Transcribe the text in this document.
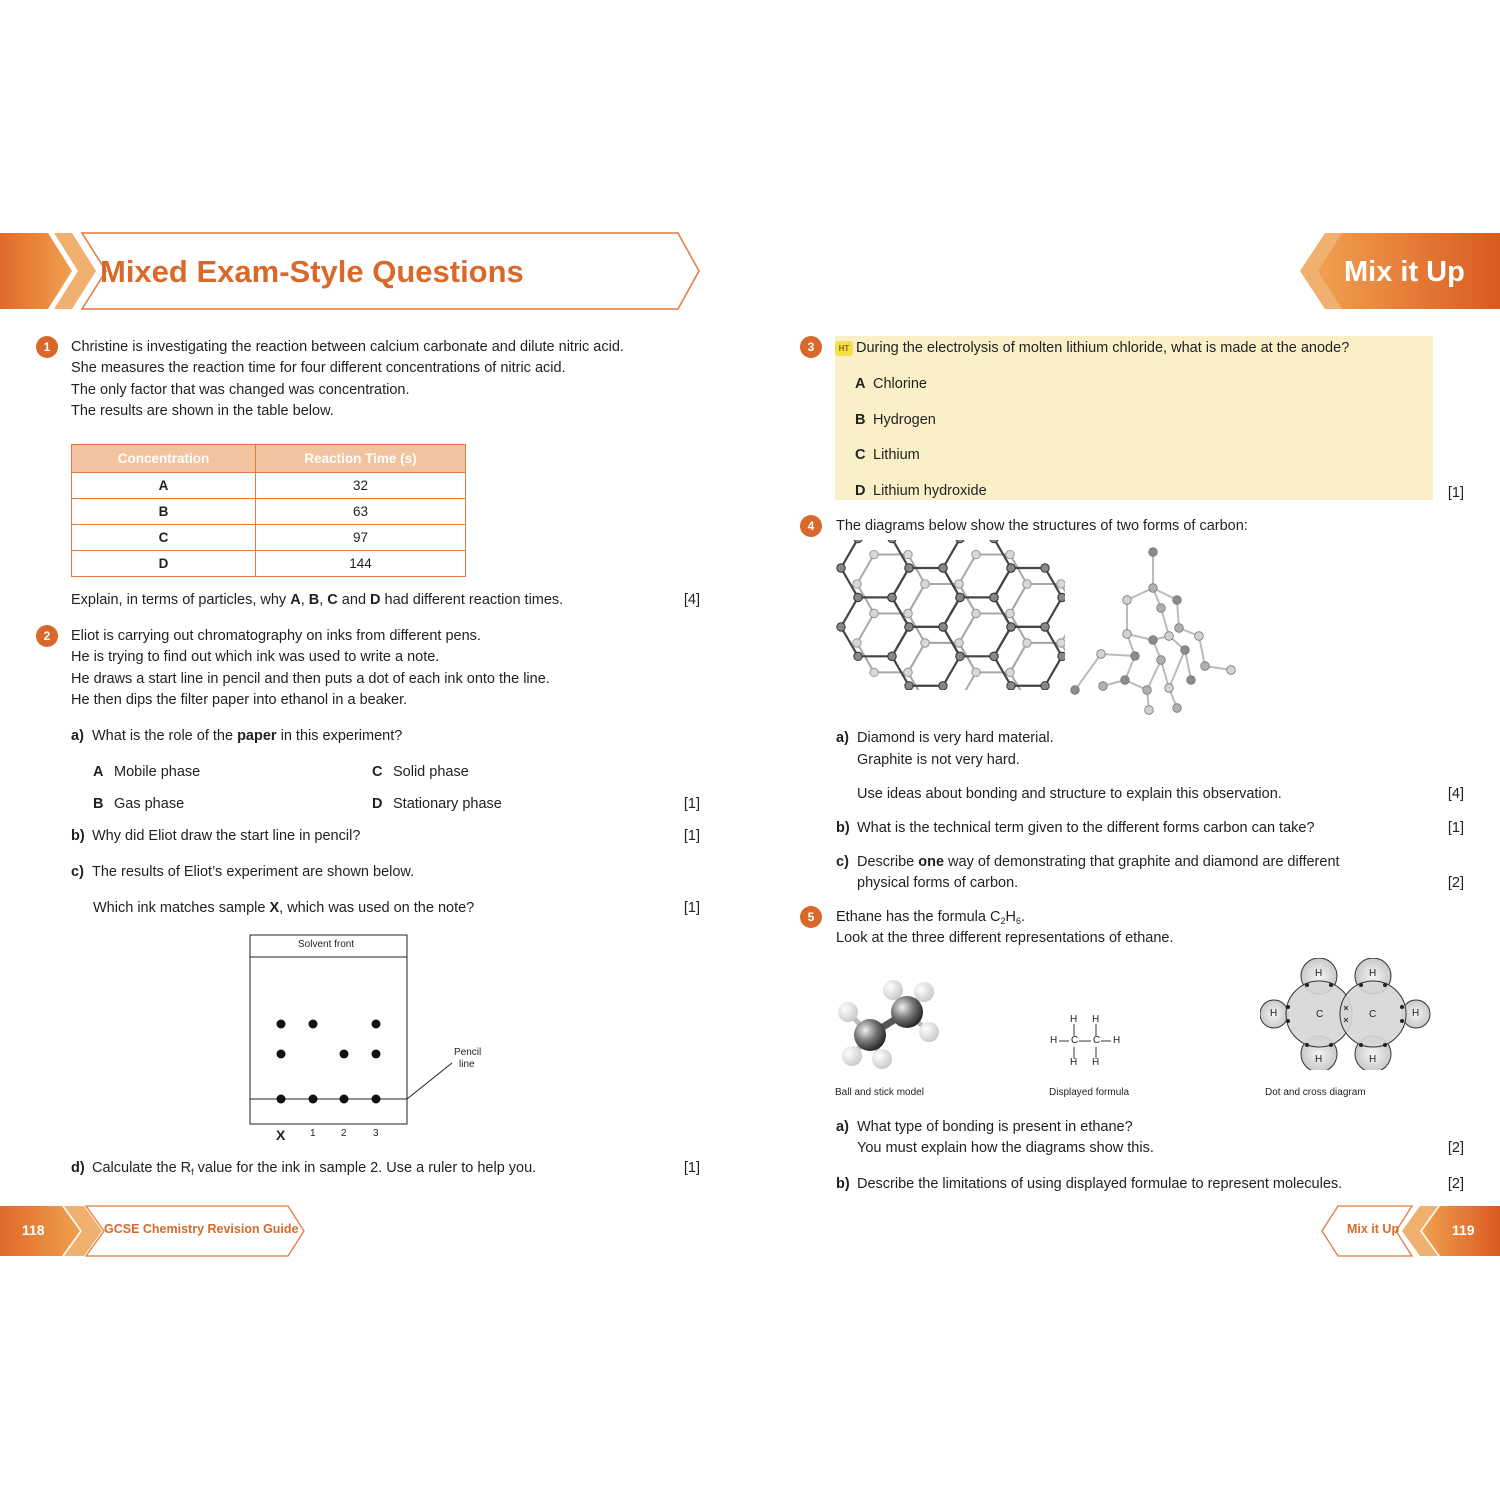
Mixed Exam-Style Questions	Mix it Up
1	Christine is investigating the reaction between calcium carbonate and dilute nitric acid.
She measures the reaction time for four different concentrations of nitric acid.
The only factor that was changed was concentration.
The results are shown in the table below.
Concentration	Reaction Time (s)
A	32
B	63
C	97
D	144
Explain, in terms of particles, why A, B, C and D had different reaction times.	[4]
2	Eliot is carrying out chromatography on inks from different pens.
He is trying to find out which ink was used to write a note.
He draws a start line in pencil and then puts a dot of each ink onto the line.
He then dips the filter paper into ethanol in a beaker.
a) What is the role of the paper in this experiment?
A Mobile phase	C Solid phase
B Gas phase	D Stationary phase	[1]
b) Why did Eliot draw the start line in pencil?	[1]
c) The results of Eliot’s experiment are shown below.
Which ink matches sample X, which was used on the note?	[1]
Solvent front
Pencil
line
X 1	2	3
d) Calculate the $R_f$ value for the ink in sample 2. Use a ruler to help you.	[1]
3	HT During the electrolysis of molten lithium chloride, what is made at the anode?
A Chlorine
B Hydrogen
C Lithium
D Lithium hydroxide	[1]
4	The diagrams below show the structures of two forms of carbon:
a) Diamond is very hard material.
Graphite is not very hard.
Use ideas about bonding and structure to explain this observation.	[4]
b) What is the technical term given to the different forms carbon can take?	[1]
c) Describe one way of demonstrating that graphite and diamond are different
physical forms of carbon.	[2]
5	Ethane has the formula $C_2H_6$.
Look at the three different representations of ethane.
Ball and stick model
H H
H C C H
H H
Displayed formula
H	H
H	C	C	H
H	H
Dot and cross diagram
a) What type of bonding is present in ethane?
You must explain how the diagrams show this.	[2]
b) Describe the limitations of using displayed formulae to represent molecules.	[2]
118	GCSE Chemistry Revision Guide	Mix it Up	119
